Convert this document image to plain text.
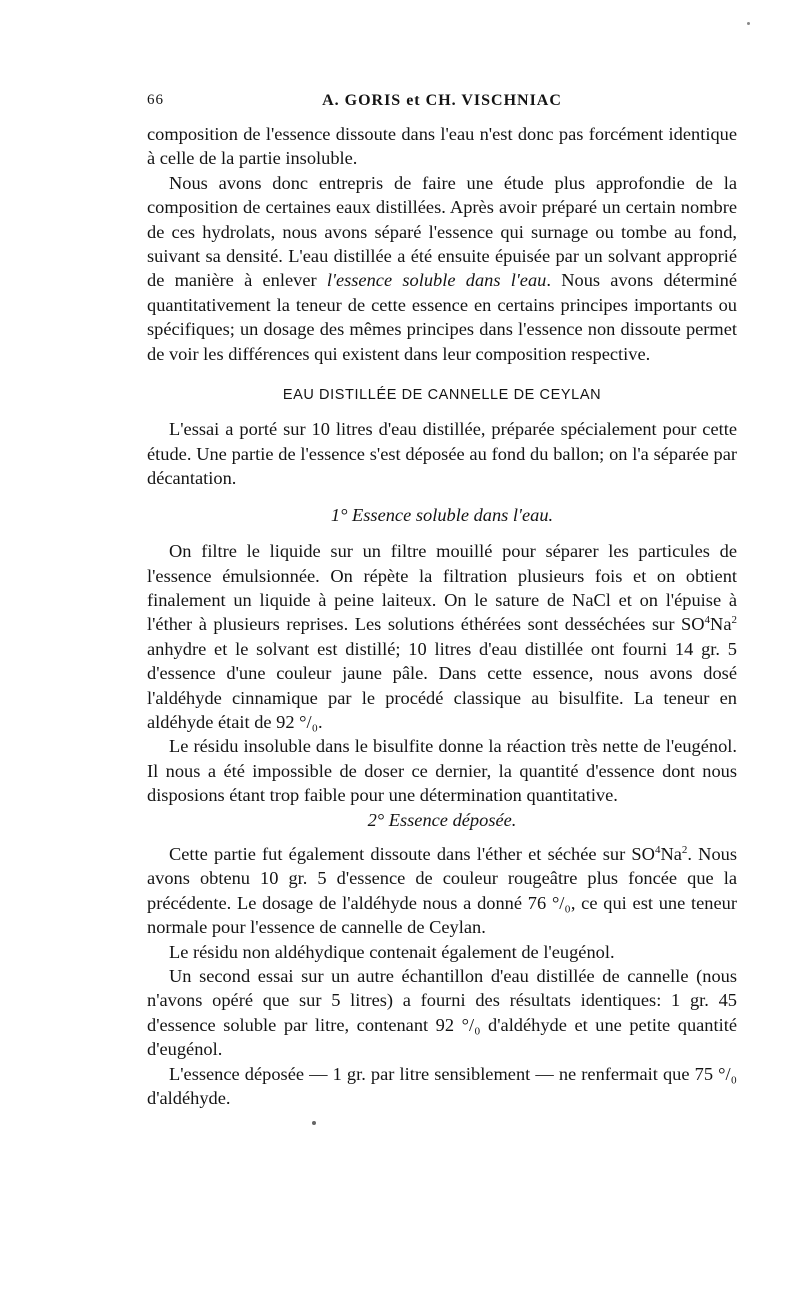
66	A. GORIS et CH. VISCHNIAC

composition de l'essence dissoute dans l'eau n'est donc pas forcément identique à celle de la partie insoluble.

Nous avons donc entrepris de faire une étude plus approfondie de la composition de certaines eaux distillées. Après avoir préparé un certain nombre de ces hydrolats, nous avons séparé l'essence qui surnage ou tombe au fond, suivant sa densité. L'eau distillée a été ensuite épuisée par un solvant approprié de manière à enlever l'essence soluble dans l'eau. Nous avons déterminé quantitativement la teneur de cette essence en certains principes importants ou spécifiques; un dosage des mêmes principes dans l'essence non dissoute permet de voir les différences qui existent dans leur composition respective.

EAU DISTILLÉE DE CANNELLE DE CEYLAN

L'essai a porté sur 10 litres d'eau distillée, préparée spécialement pour cette étude. Une partie de l'essence s'est déposée au fond du ballon; on l'a séparée par décantation.

1° Essence soluble dans l'eau.

On filtre le liquide sur un filtre mouillé pour séparer les particules de l'essence émulsionnée. On répète la filtration plusieurs fois et on obtient finalement un liquide à peine laiteux. On le sature de NaCl et on l'épuise à l'éther à plusieurs reprises. Les solutions éthérées sont desséchées sur $SO^4Na^2$ anhydre et le solvant est distillé; 10 litres d'eau distillée ont fourni 14 gr. 5 d'essence d'une couleur jaune pâle. Dans cette essence, nous avons dosé l'aldéhyde cinnamique par le procédé classique au bisulfite. La teneur en aldéhyde était de 92 °/₀.

Le résidu insoluble dans le bisulfite donne la réaction très nette de l'eugénol. Il nous a été impossible de doser ce dernier, la quantité d'essence dont nous disposions étant trop faible pour une détermination quantitative.

2° Essence déposée.

Cette partie fut également dissoute dans l'éther et séchée sur $SO^4Na^2$. Nous avons obtenu 10 gr. 5 d'essence de couleur rougeâtre plus foncée que la précédente. Le dosage de l'aldéhyde nous a donné 76 °/₀, ce qui est une teneur normale pour l'essence de cannelle de Ceylan.

Le résidu non aldéhydique contenait également de l'eugénol.

Un second essai sur un autre échantillon d'eau distillée de cannelle (nous n'avons opéré que sur 5 litres) a fourni des résultats identiques: 1 gr. 45 d'essence soluble par litre, contenant 92 °/₀ d'aldéhyde et une petite quantité d'eugénol.

L'essence déposée — 1 gr. par litre sensiblement — ne renfermait que 75 °/₀ d'aldéhyde.
